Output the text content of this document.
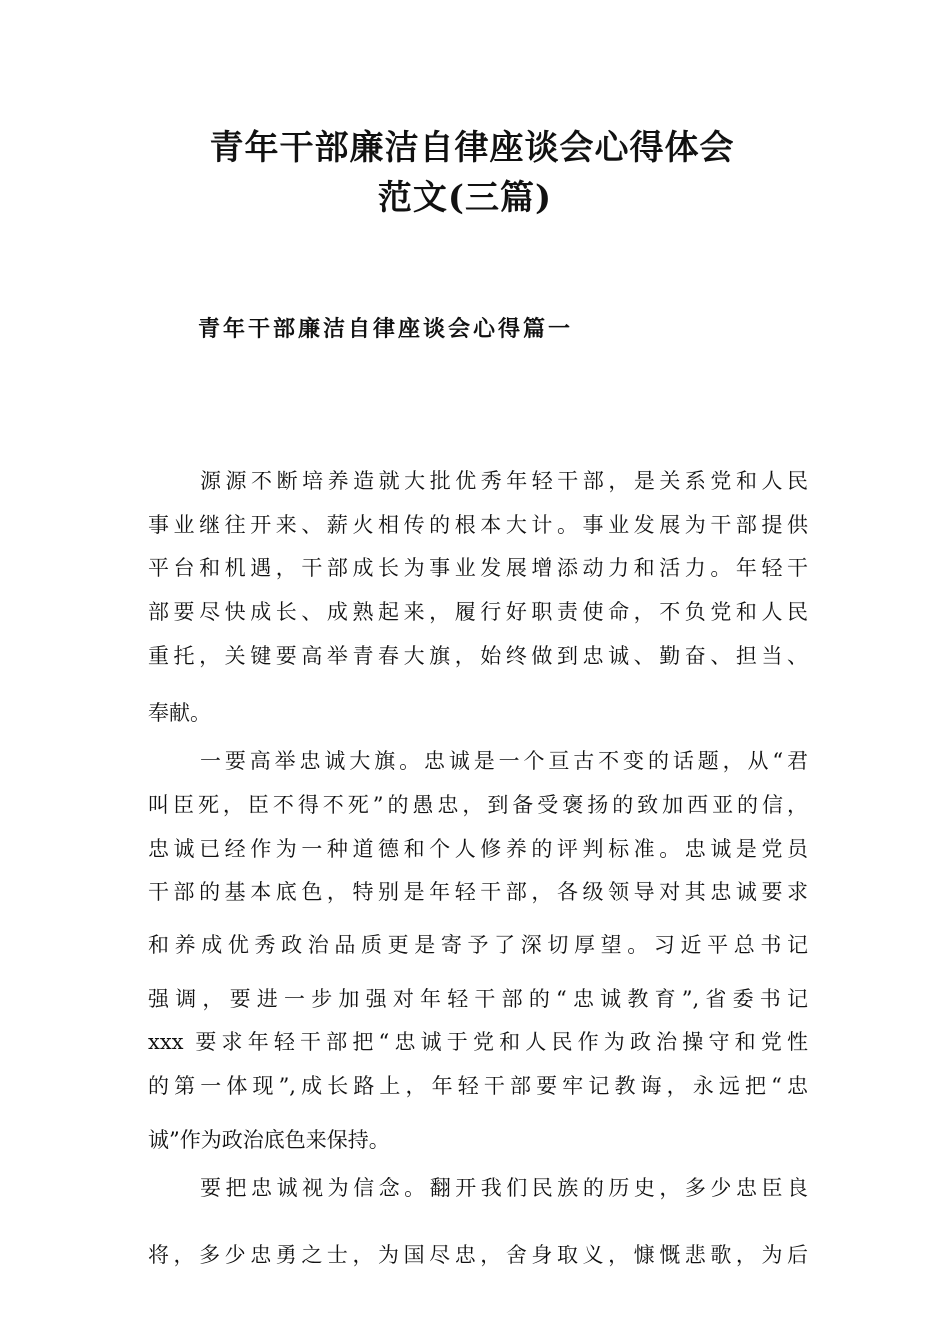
青年干部廉洁自律座谈会心得体会
范文(三篇)
青年干部廉洁自律座谈会心得篇一
源源不断培养造就大批优秀年轻干部，是关系党和人民
事业继往开来、薪火相传的根本大计。事业发展为干部提供
平台和机遇，干部成长为事业发展增添动力和活力。年轻干
部要尽快成长、成熟起来，履行好职责使命，不负党和人民
重托，关键要高举青春大旗，始终做到忠诚、勤奋、担当、
奉献。
一要高举忠诚大旗。忠诚是一个亘古不变的话题，从“君
叫臣死，臣不得不死”的愚忠，到备受褒扬的致加西亚的信，
忠诚已经作为一种道德和个人修养的评判标准。忠诚是党员
干部的基本底色，特别是年轻干部，各级领导对其忠诚要求
和养成优秀政治品质更是寄予了深切厚望。习近平总书记
强调，要进一步加强对年轻干部的“忠诚教育”,省委书记
xxx 要求年轻干部把“忠诚于党和人民作为政治操守和党性
的第一体现”,成长路上，年轻干部要牢记教诲，永远把“忠
诚”作为政治底色来保持。
要把忠诚视为信念。翻开我们民族的历史，多少忠臣良
将，多少忠勇之士，为国尽忠，舍身取义，慷慨悲歌，为后
